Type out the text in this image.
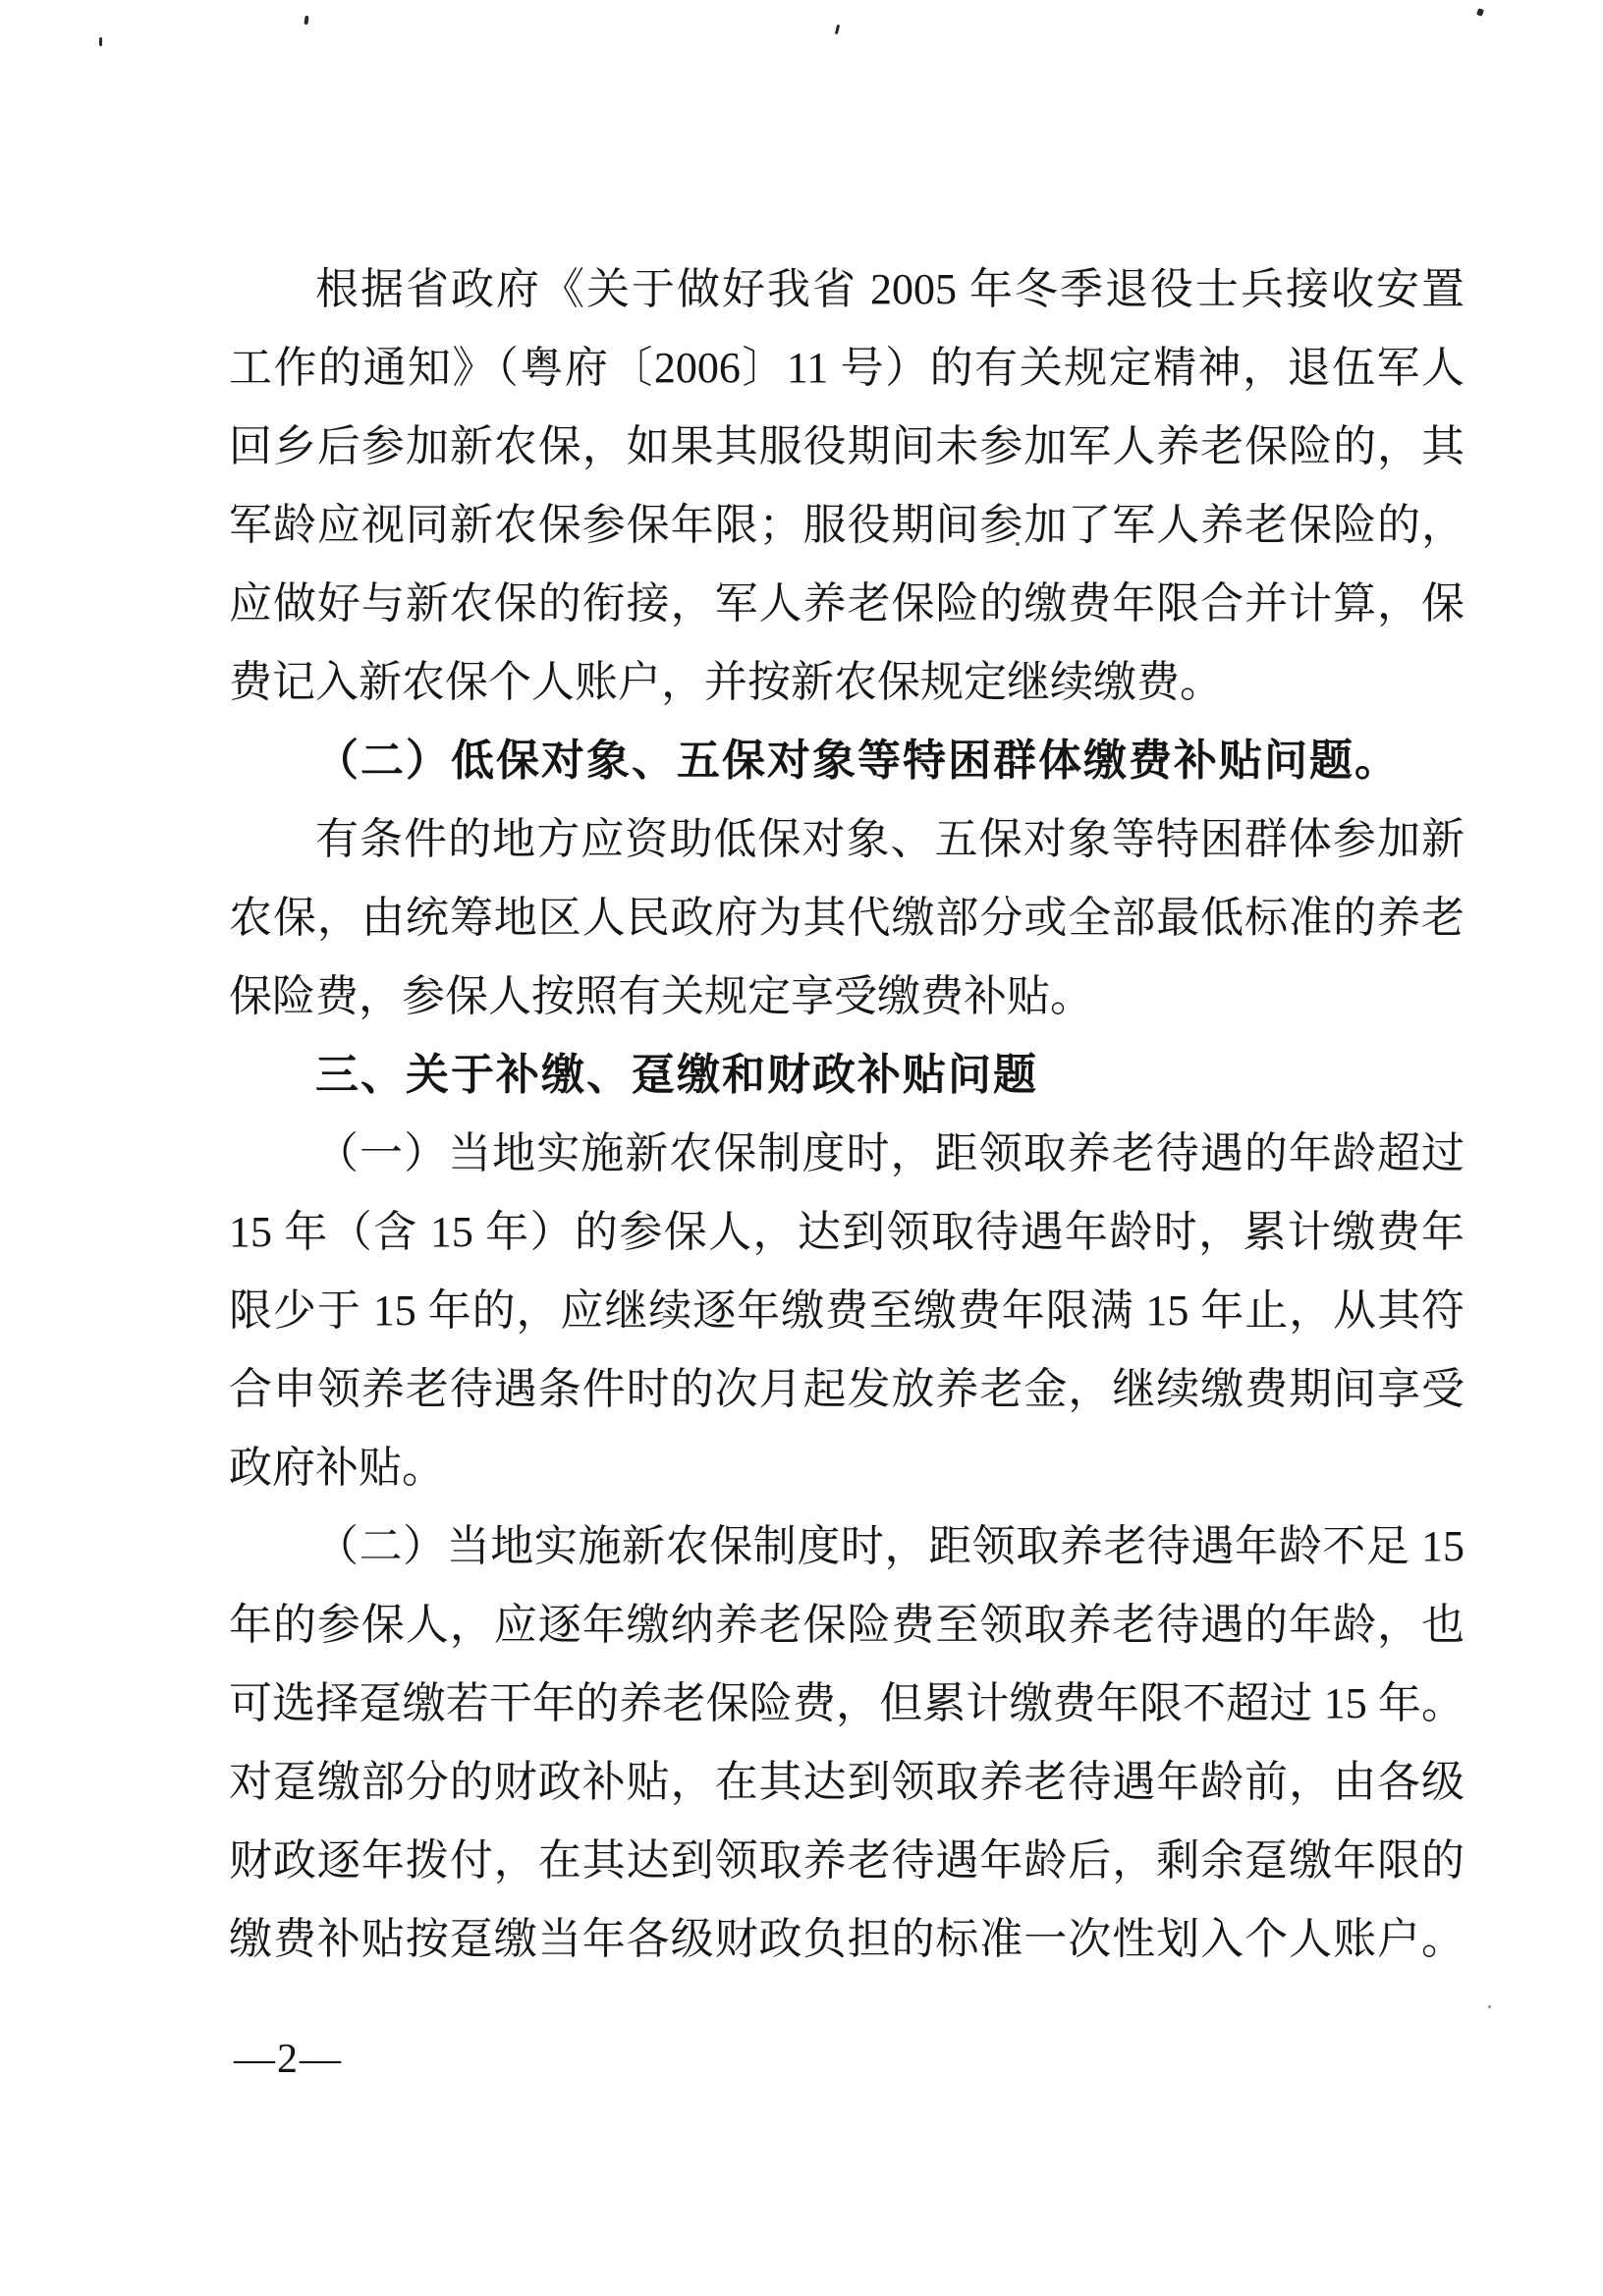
根据省政府《关于做好我省 2005 年冬季退役士兵接收安置
工作的通知》（粤府〔2006〕11 号）的有关规定精神，退伍军人
回乡后参加新农保，如果其服役期间未参加军人养老保险的，其
军龄应视同新农保参保年限；服役期间参加了军人养老保险的，
应做好与新农保的衔接，军人养老保险的缴费年限合并计算，保
费记入新农保个人账户，并按新农保规定继续缴费。
（二）低保对象、五保对象等特困群体缴费补贴问题。
有条件的地方应资助低保对象、五保对象等特困群体参加新
农保，由统筹地区人民政府为其代缴部分或全部最低标准的养老
保险费，参保人按照有关规定享受缴费补贴。
三、关于补缴、趸缴和财政补贴问题
（一）当地实施新农保制度时，距领取养老待遇的年龄超过
15 年（含 15 年）的参保人，达到领取待遇年龄时，累计缴费年
限少于 15 年的，应继续逐年缴费至缴费年限满 15 年止，从其符
合申领养老待遇条件时的次月起发放养老金，继续缴费期间享受
政府补贴。
（二）当地实施新农保制度时，距领取养老待遇年龄不足 15
年的参保人，应逐年缴纳养老保险费至领取养老待遇的年龄，也
可选择趸缴若干年的养老保险费，但累计缴费年限不超过 15 年。
对趸缴部分的财政补贴，在其达到领取养老待遇年龄前，由各级
财政逐年拨付，在其达到领取养老待遇年龄后，剩余趸缴年限的
缴费补贴按趸缴当年各级财政负担的标准一次性划入个人账户。
—2—
